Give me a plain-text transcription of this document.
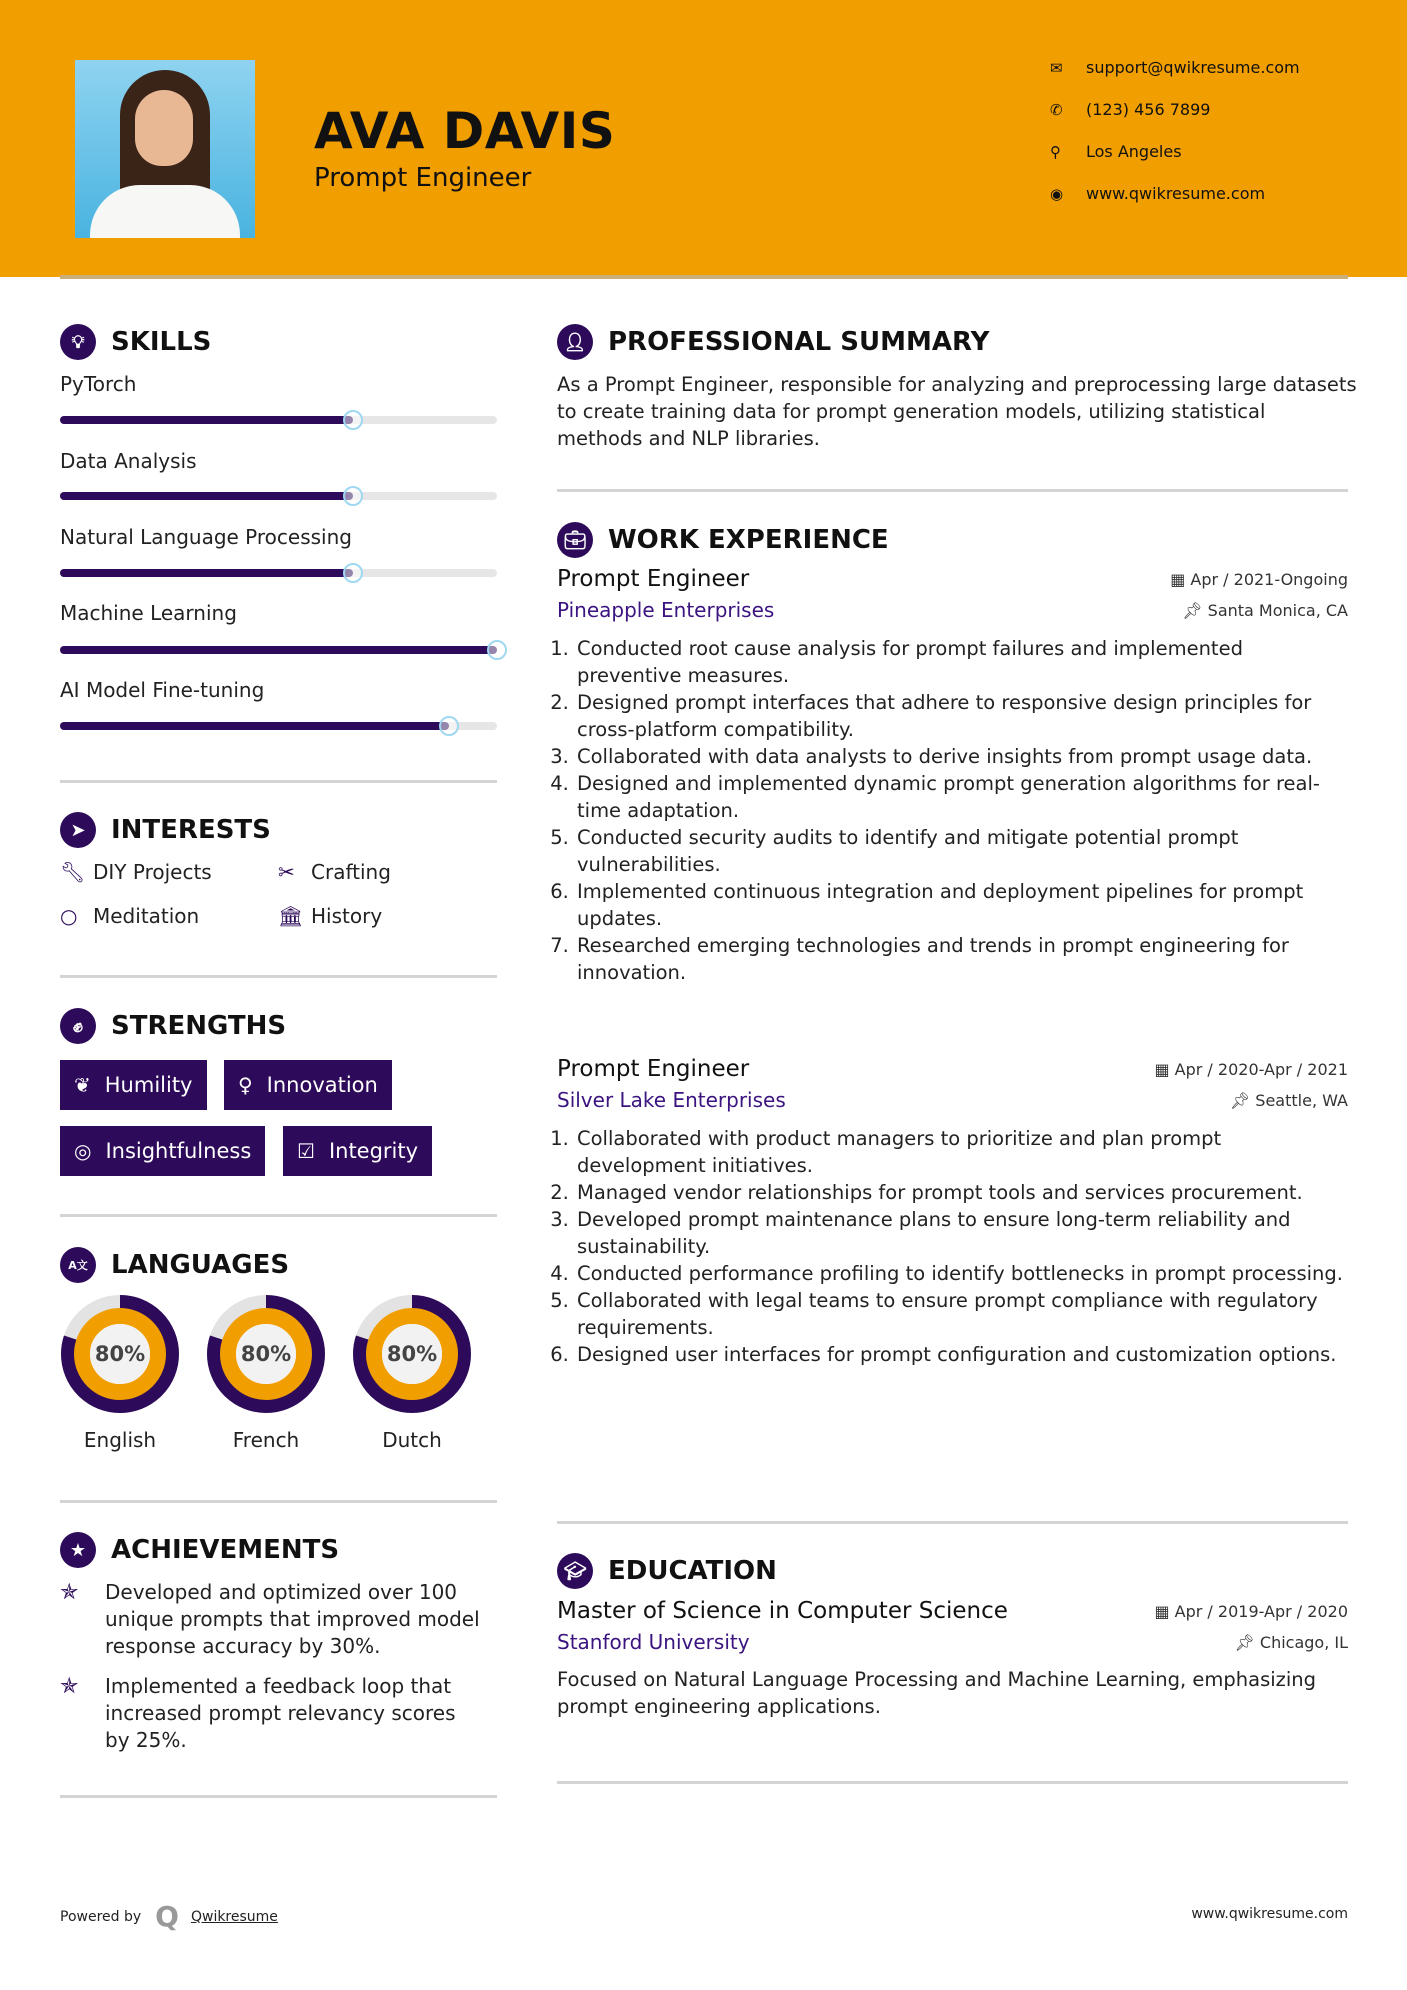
AVA DAVIS
Prompt Engineer
✉	support@qwikresume.com
✆	(123) 456 7899
⚲	Los Angeles
◉	www.qwikresume.com
💡︎	SKILLS
PyTorch
Data Analysis
Natural Language Processing
Machine Learning
AI Model Fine-tuning
➤ INTERESTS
🔧︎ DIY Projects	✂ Crafting
○ Meditation	🏛︎ History
✊︎	STRENGTHS
❦ Humility ♀ Innovation
◎ Insightfulness ☑ Integrity
A文 LANGUAGES
80%
English
80%
French
80%
Dutch
★ ACHIEVEMENTS
✯	Developed and optimized over 100 unique prompts that improved model response accuracy by 30%.
✯	Implemented a feedback loop that increased prompt relevancy scores by 25%.
👤︎ PROFESSIONAL SUMMARY
As a Prompt Engineer, responsible for analyzing and preprocessing large datasets to create training data for prompt generation models, utilizing statistical methods and NLP libraries.
💼︎ WORK EXPERIENCE
Prompt Engineer	▦ Apr / 2021-Ongoing
Pineapple Enterprises	📌︎ Santa Monica, CA
1. Conducted root cause analysis for prompt failures and implemented preventive measures.
2. Designed prompt interfaces that adhere to responsive design principles for cross-platform compatibility.
3. Collaborated with data analysts to derive insights from prompt usage data.
4. Designed and implemented dynamic prompt generation algorithms for real-time adaptation.
5. Conducted security audits to identify and mitigate potential prompt vulnerabilities.
6. Implemented continuous integration and deployment pipelines for prompt updates.
7. Researched emerging technologies and trends in prompt engineering for innovation.
Prompt Engineer	▦ Apr / 2020-Apr / 2021
Silver Lake Enterprises	📌︎ Seattle, WA
1. Collaborated with product managers to prioritize and plan prompt development initiatives.
2. Managed vendor relationships for prompt tools and services procurement.
3. Developed prompt maintenance plans to ensure long-term reliability and sustainability.
4. Conducted performance profiling to identify bottlenecks in prompt processing.
5. Collaborated with legal teams to ensure prompt compliance with regulatory requirements.
6. Designed user interfaces for prompt configuration and customization options.
🎓︎ EDUCATION
Master of Science in Computer Science	▦ Apr / 2019-Apr / 2020
Stanford University	📌︎ Chicago, IL
Focused on Natural Language Processing and Machine Learning, emphasizing prompt engineering applications.
Powered by Q Qwikresume	www.qwikresume.com
